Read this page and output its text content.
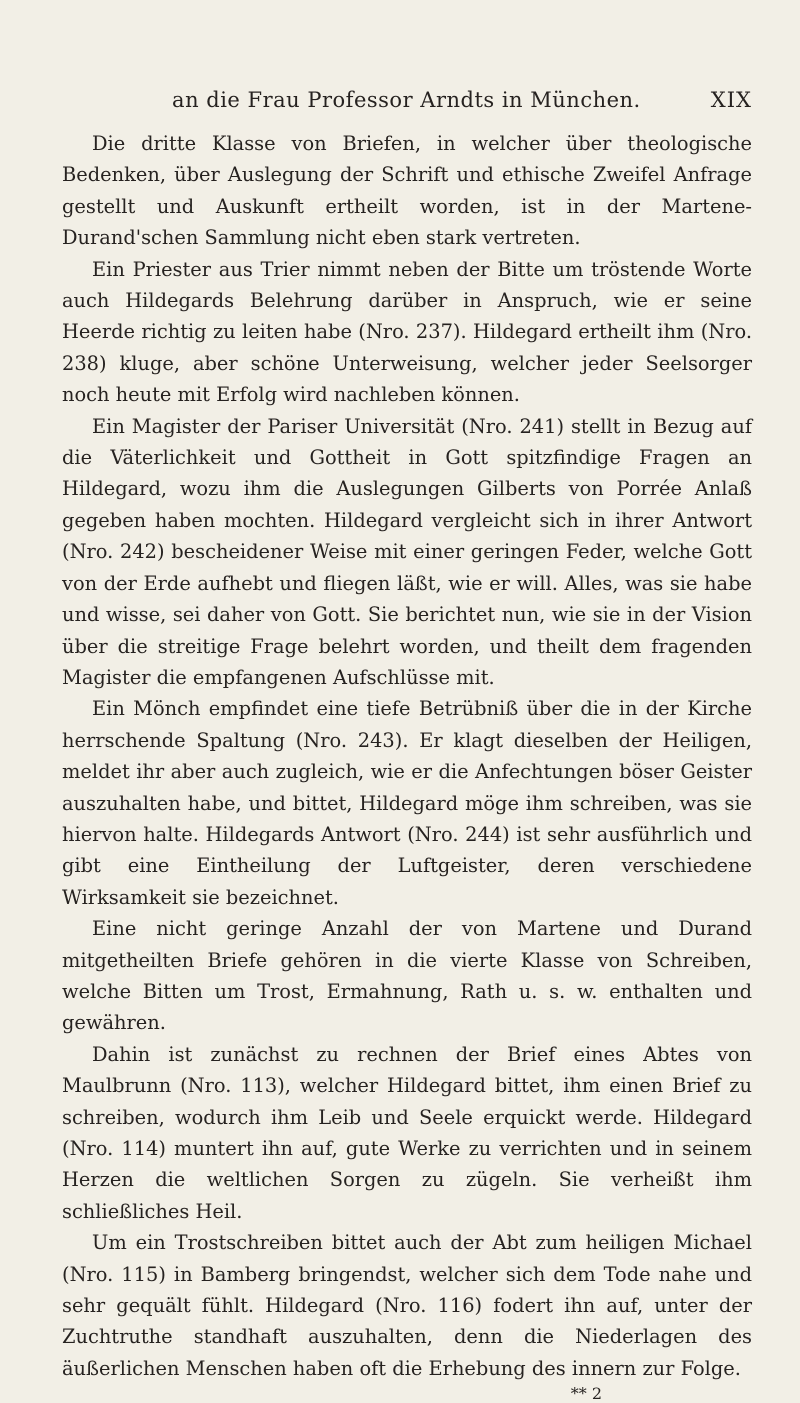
an die Frau Professor Arndts in München.	XIX

Die dritte Klasse von Briefen, in welcher über theologische Bedenken, über Auslegung der Schrift und ethische Zweifel Anfrage gestellt und Auskunft ertheilt worden, ist in der Martene-Durand'schen Sammlung nicht eben stark vertreten.

Ein Priester aus Trier nimmt neben der Bitte um tröstende Worte auch Hildegards Belehrung darüber in Anspruch, wie er seine Heerde richtig zu leiten habe (Nro. 237). Hildegard ertheilt ihm (Nro. 238) kluge, aber schöne Unterweisung, welcher jeder Seelsorger noch heute mit Erfolg wird nachleben können.

Ein Magister der Pariser Universität (Nro. 241) stellt in Bezug auf die Väterlichkeit und Gottheit in Gott spitzfindige Fragen an Hildegard, wozu ihm die Auslegungen Gilberts von Porrée Anlaß gegeben haben mochten. Hildegard vergleicht sich in ihrer Antwort (Nro. 242) bescheidener Weise mit einer geringen Feder, welche Gott von der Erde aufhebt und fliegen läßt, wie er will. Alles, was sie habe und wisse, sei daher von Gott. Sie berichtet nun, wie sie in der Vision über die streitige Frage belehrt worden, und theilt dem fragenden Magister die empfangenen Aufschlüsse mit.

Ein Mönch empfindet eine tiefe Betrübniß über die in der Kirche herrschende Spaltung (Nro. 243). Er klagt dieselben der Heiligen, meldet ihr aber auch zugleich, wie er die Anfechtungen böser Geister auszuhalten habe, und bittet, Hildegard möge ihm schreiben, was sie hiervon halte. Hildegards Antwort (Nro. 244) ist sehr ausführlich und gibt eine Eintheilung der Luftgeister, deren verschiedene Wirksamkeit sie bezeichnet.

Eine nicht geringe Anzahl der von Martene und Durand mitgetheilten Briefe gehören in die vierte Klasse von Schreiben, welche Bitten um Trost, Ermahnung, Rath u. s. w. enthalten und gewähren.

Dahin ist zunächst zu rechnen der Brief eines Abtes von Maulbrunn (Nro. 113), welcher Hildegard bittet, ihm einen Brief zu schreiben, wodurch ihm Leib und Seele erquickt werde. Hildegard (Nro. 114) muntert ihn auf, gute Werke zu verrichten und in seinem Herzen die weltlichen Sorgen zu zügeln. Sie verheißt ihm schließliches Heil.

Um ein Trostschreiben bittet auch der Abt zum heiligen Michael (Nro. 115) in Bamberg bringendst, welcher sich dem Tode nahe und sehr gequält fühlt. Hildegard (Nro. 116) fodert ihn auf, unter der Zuchtruthe standhaft auszuhalten, denn die Niederlagen des äußerlichen Menschen haben oft die Erhebung des innern zur Folge.

** 2
